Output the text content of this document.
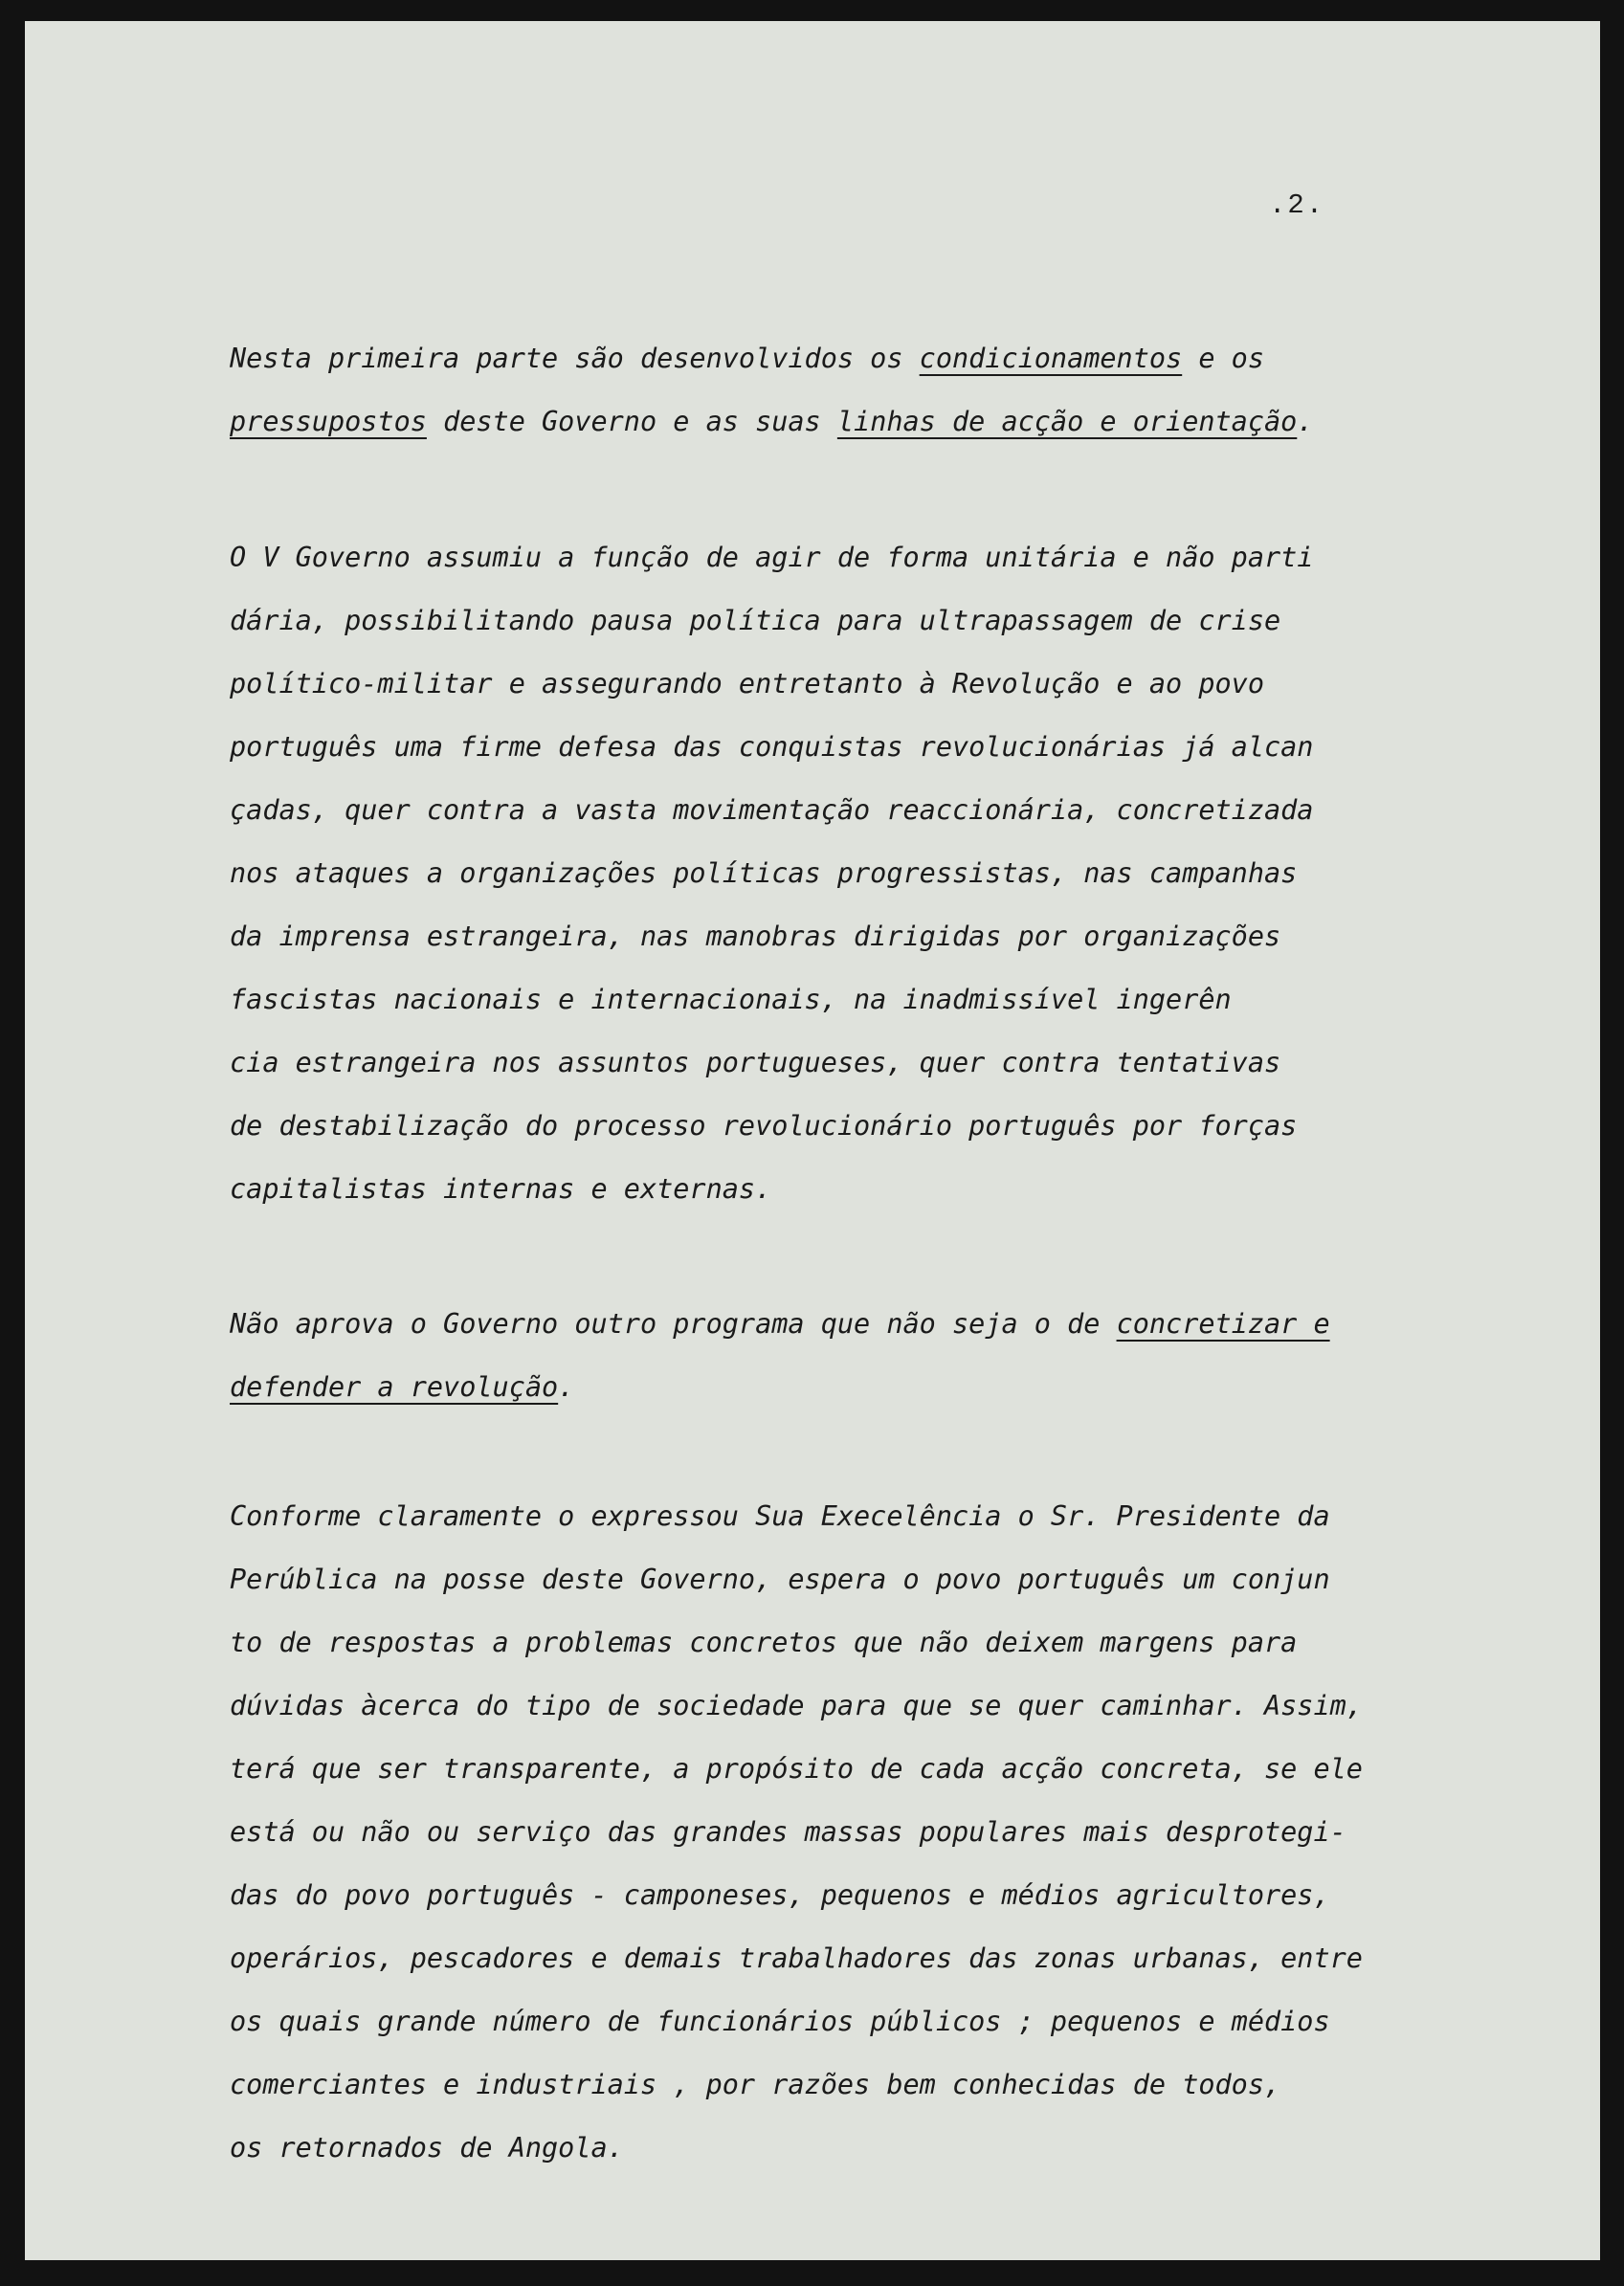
.2.
Nesta primeira parte são desenvolvidos os condicionamentos e os
pressupostos deste Governo e as suas linhas de acção e orientação.
O V Governo assumiu a função de agir de forma unitária e não parti
dária, possibilitando pausa política para ultrapassagem de crise
político-militar e assegurando entretanto à Revolução e ao povo
português uma firme defesa das conquistas revolucionárias já alcan
çadas, quer contra a vasta movimentação reaccionária, concretizada
nos ataques a organizações políticas progressistas, nas campanhas
da imprensa estrangeira, nas manobras dirigidas por organizações
fascistas nacionais e internacionais, na inadmissível ingerên
cia estrangeira nos assuntos portugueses, quer contra tentativas
de destabilização do processo revolucionário português por forças
capitalistas internas e externas.
Não aprova o Governo outro programa que não seja o de concretizar e
defender a revolução.
Conforme claramente o expressou Sua Execelência o Sr. Presidente da
Perública na posse deste Governo, espera o povo português um conjun
to de respostas a problemas concretos que não deixem margens para
dúvidas àcerca do tipo de sociedade para que se quer caminhar. Assim,
terá que ser transparente, a propósito de cada acção concreta, se ele
está ou não ou serviço das grandes massas populares mais desprotegi-
das do povo português - camponeses, pequenos e médios agricultores,
operários, pescadores e demais trabalhadores das zonas urbanas, entre
os quais grande número de funcionários públicos ; pequenos e médios
comerciantes e industriais , por razões bem conhecidas de todos,
os retornados de Angola.
